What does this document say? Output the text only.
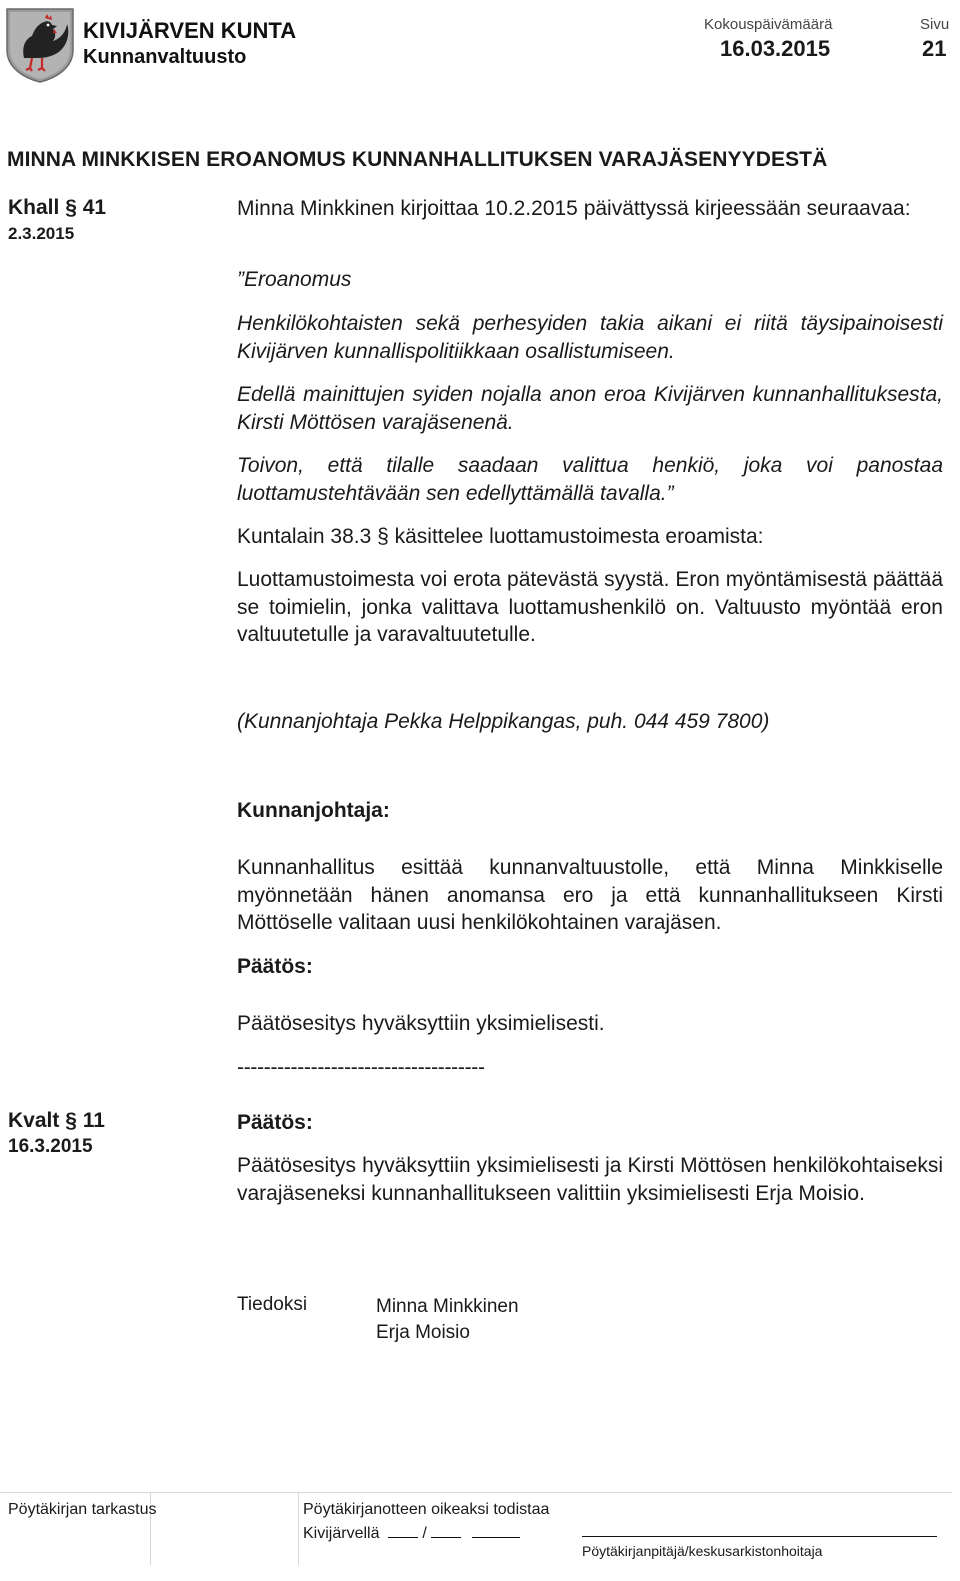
KIVIJÄRVEN KUNTA
Kunnanvaltuusto
Kokouspäivämäärä
16.03.2015
Sivu
21
MINNA MINKKISEN EROANOMUS KUNNANHALLITUKSEN VARAJÄSENYYDESTÄ
Khall § 41
2.3.2015
Minna Minkkinen kirjoittaa 10.2.2015 päivättyssä kirjeessään seuraavaa:
”Eroanomus
Henkilökohtaisten sekä perhesyiden takia aikani ei riitä täysipainoisesti Kivijärven kunnallispolitiikkaan osallistumiseen.
Edellä mainittujen syiden nojalla anon eroa Kivijärven kunnanhallituksesta, Kirsti Möttösen varajäsenenä.
Toivon, että tilalle saadaan valittua henkiö, joka voi panostaa luottamustehtävään sen edellyttämällä tavalla.”
Kuntalain 38.3 § käsittelee luottamustoimesta eroamista:
Luottamustoimesta voi erota pätevästä syystä. Eron myöntämisestä päättää se toimielin, jonka valittava luottamushenkilö on. Valtuusto myöntää eron valtuutetulle ja varavaltuutetulle.
(Kunnanjohtaja Pekka Helppikangas, puh. 044 459 7800)
Kunnanjohtaja:
Kunnanhallitus esittää kunnanvaltuustolle, että Minna Minkkiselle myönnetään hänen anomansa ero ja että kunnanhallitukseen Kirsti Möttöselle valitaan uusi henkilökohtainen varajäsen.
Päätös:
Päätösesitys hyväksyttiin yksimielisesti.
-------------------------------------
Kvalt § 11
16.3.2015
Päätös:
Päätösesitys hyväksyttiin yksimielisesti ja Kirsti Möttösen henkilökohtaiseksi varajäseneksi kunnanhallitukseen valittiin yksimielisesti Erja Moisio.
Tiedoksi	Minna Minkkinen
Erja Moisio
Pöytäkirjan tarkastus	Pöytäkirjanotteen oikeaksi todistaa
Kivijärvellä	/
Pöytäkirjanpitäjä/keskusarkistonhoitaja
